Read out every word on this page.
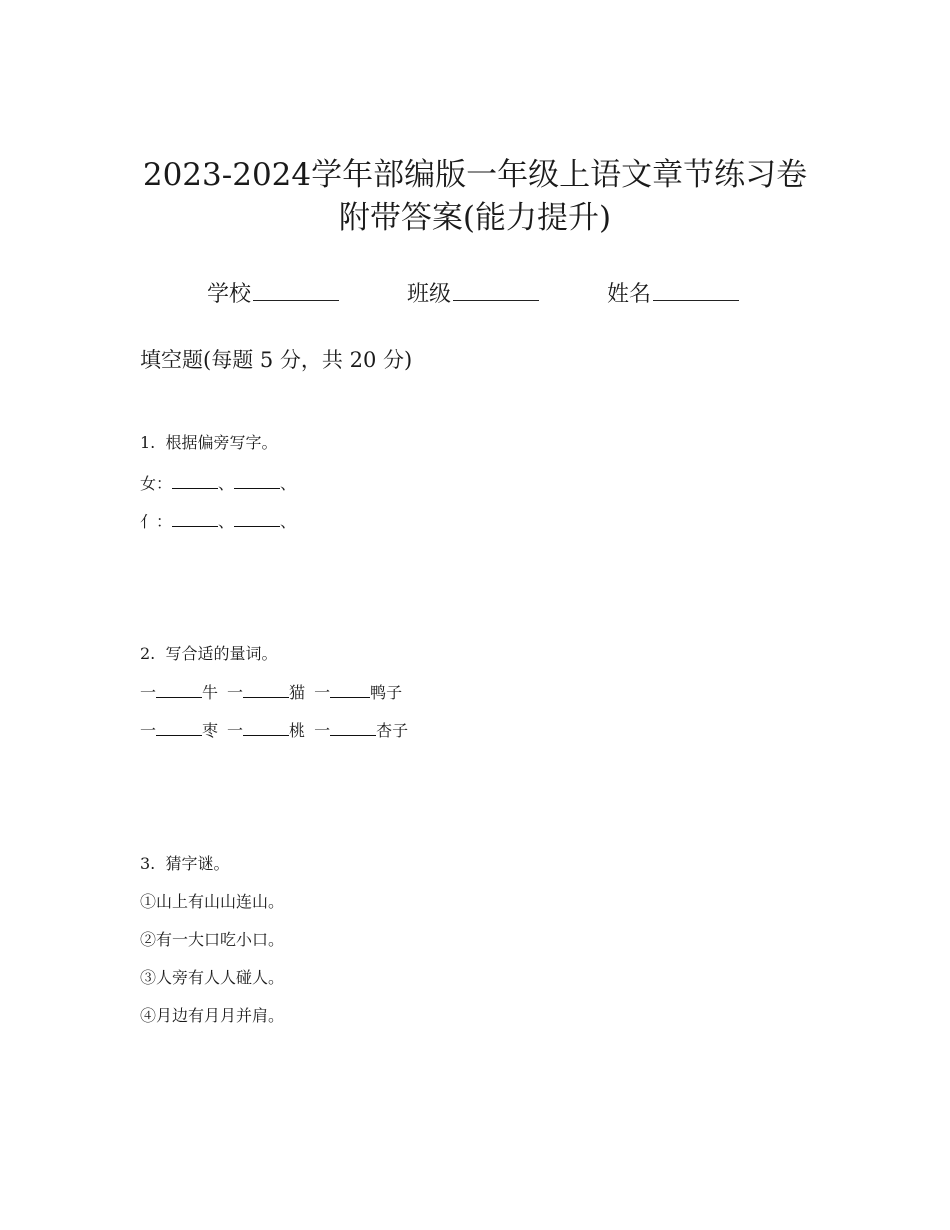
2023-2024学年部编版一年级上语文章节练习卷
附带答案(能力提升)
学校	班级	姓名
填空题(每题 5 分，共 20 分)
1. 根据偏旁写字。
女：	、	、
亻：	、	、
2. 写合适的量词。
一	牛 一	猫 一	鸭子
一	枣 一	桃 一	杏子
3. 猜字谜。
①山上有山山连山。
②有一大口吃小口。
③人旁有人人碰人。
④月边有月月并肩。
